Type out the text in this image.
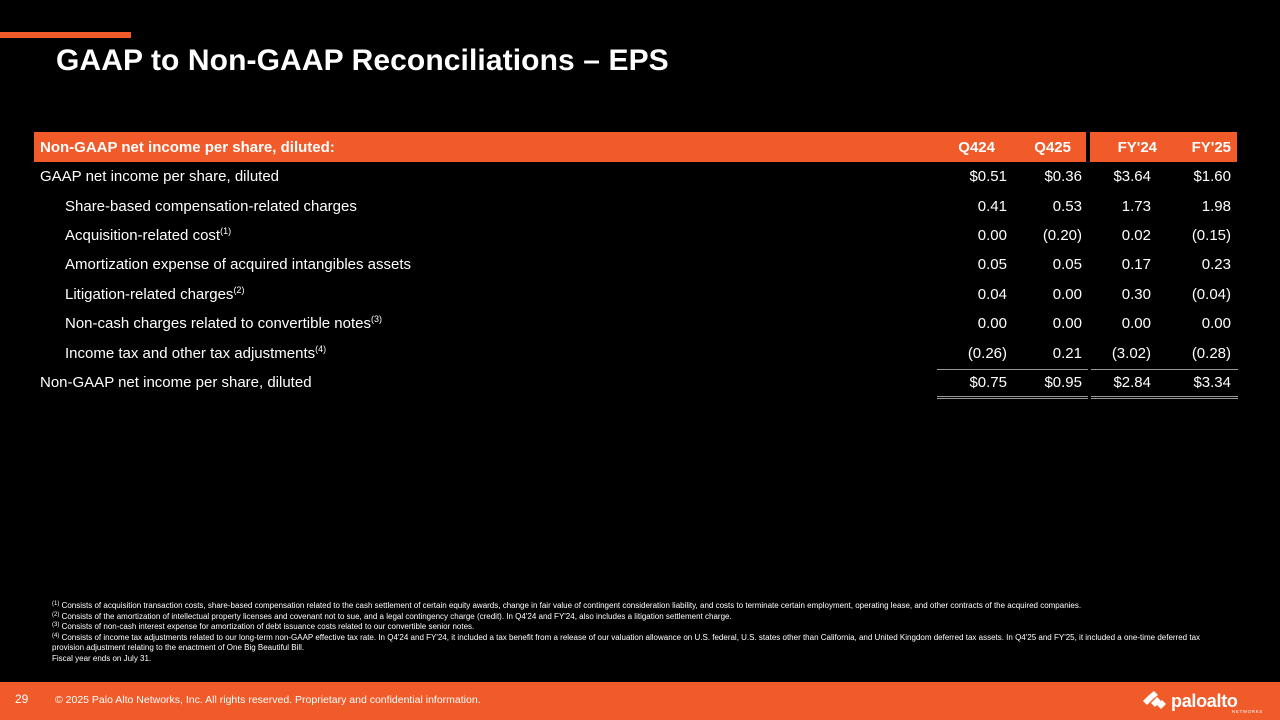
GAAP to Non-GAAP Reconciliations – EPS
Non-GAAP net income per share, diluted:	Q424	Q425	FY'24	FY'25
GAAP net income per share, diluted	$0.51	$0.36	$3.64	$1.60
Share-based compensation-related charges	0.41	0.53	1.73	1.98
Acquisition-related cost$^{(1)}$	0.00	(0.20)	0.02	(0.15)
Amortization expense of acquired intangibles assets	0.05	0.05	0.17	0.23
Litigation-related charges$^{(2)}$	0.04	0.00	0.30	(0.04)
Non-cash charges related to convertible notes$^{(3)}$	0.00	0.00	0.00	0.00
Income tax and other tax adjustments$^{(4)}$	(0.26)	0.21	(3.02)	(0.28)
Non-GAAP net income per share, diluted	$0.75	$0.95	$2.84	$3.34
$^{(1)}$ Consists of acquisition transaction costs, share-based compensation related to the cash settlement of certain equity awards, change in fair value of contingent consideration liability, and costs to terminate certain employment, operating lease, and other contracts of the acquired companies.
$^{(2)}$ Consists of the amortization of intellectual property licenses and covenant not to sue, and a legal contingency charge (credit). In Q4'24 and FY'24, also includes a litigation settlement charge.
$^{(3)}$ Consists of non-cash interest expense for amortization of debt issuance costs related to our convertible senior notes.
$^{(4)}$ Consists of income tax adjustments related to our long-term non-GAAP effective tax rate. In Q4'24 and FY'24, it included a tax benefit from a release of our valuation allowance on U.S. federal, U.S. states other than California, and United Kingdom deferred tax assets. In Q4'25 and FY'25, it included a one-time deferred tax provision adjustment relating to the enactment of One Big Beautiful Bill.
Fiscal year ends on July 31.
29	© 2025 Palo Alto Networks, Inc. All rights reserved. Proprietary and confidential information.	paloalto
NETWORKS
